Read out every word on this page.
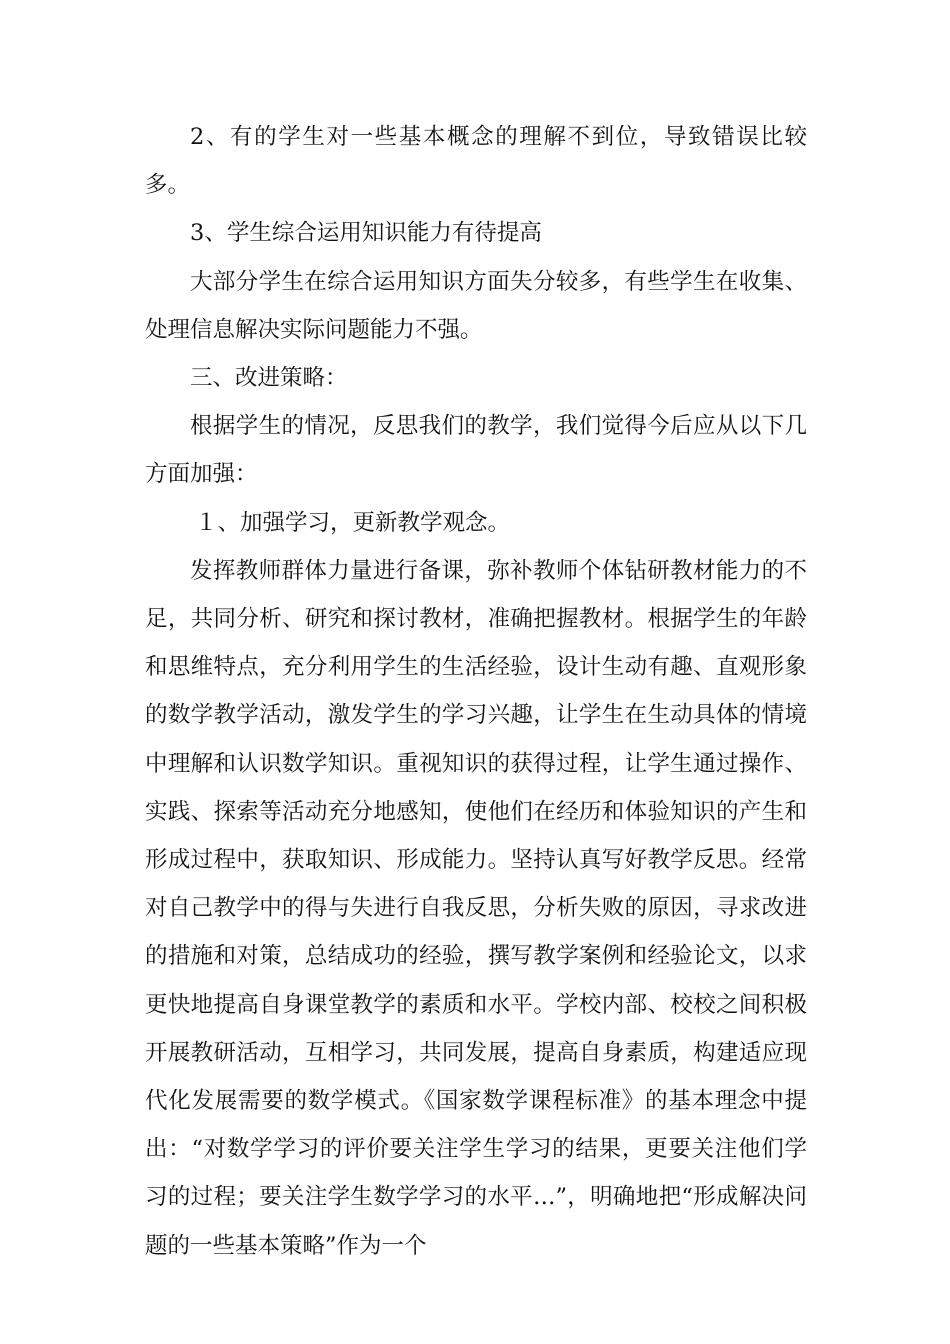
2、有的学生对一些基本概念的理解不到位，导致错误比较多。

3、学生综合运用知识能力有待提高

大部分学生在综合运用知识方面失分较多，有些学生在收集、处理信息解决实际问题能力不强。

三、改进策略：

根据学生的情况，反思我们的教学，我们觉得今后应从以下几方面加强：

１、加强学习，更新教学观念。

发挥教师群体力量进行备课，弥补教师个体钻研教材能力的不足，共同分析、研究和探讨教材，准确把握教材。根据学生的年龄和思维特点，充分利用学生的生活经验，设计生动有趣、直观形象的数学教学活动，激发学生的学习兴趣，让学生在生动具体的情境中理解和认识数学知识。重视知识的获得过程，让学生通过操作、实践、探索等活动充分地感知，使他们在经历和体验知识的产生和形成过程中，获取知识、形成能力。坚持认真写好教学反思。经常对自己教学中的得与失进行自我反思，分析失败的原因，寻求改进的措施和对策，总结成功的经验，撰写教学案例和经验论文，以求更快地提高自身课堂教学的素质和水平。学校内部、校校之间积极开展教研活动，互相学习，共同发展，提高自身素质，构建适应现代化发展需要的数学模式。《国家数学课程标准》的基本理念中提出：“对数学学习的评价要关注学生学习的结果，更要关注他们学习的过程；要关注学生数学学习的水平…”，明确地把“形成解决问题的一些基本策略”作为一个
